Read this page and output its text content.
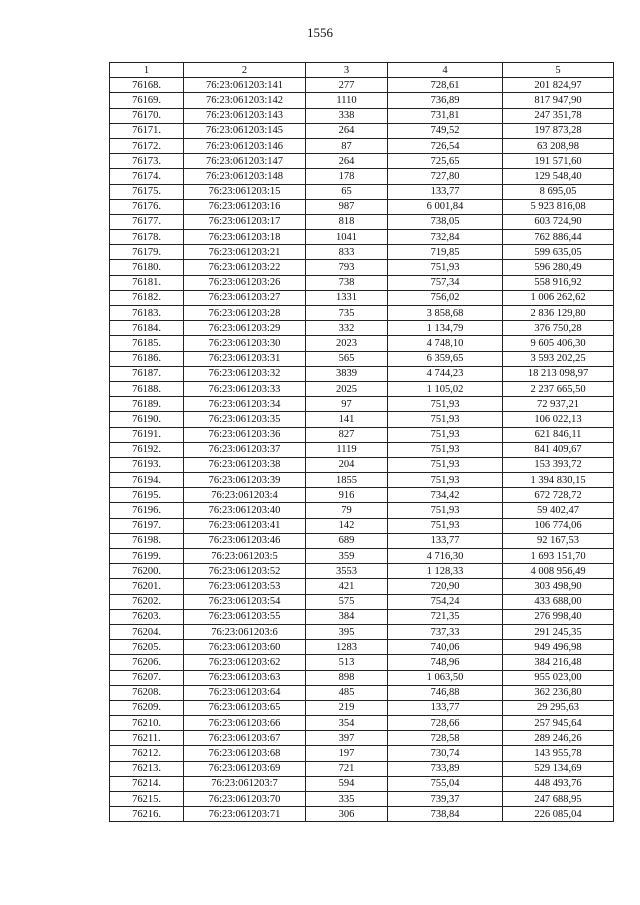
1556
1	2	3	4	5
76168.	76:23:061203:141	277	728,61	201 824,97
76169.	76:23:061203:142	1110	736,89	817 947,90
76170.	76:23:061203:143	338	731,81	247 351,78
76171.	76:23:061203:145	264	749,52	197 873,28
76172.	76:23:061203:146	87	726,54	63 208,98
76173.	76:23:061203:147	264	725,65	191 571,60
76174.	76:23:061203:148	178	727,80	129 548,40
76175.	76:23:061203:15	65	133,77	8 695,05
76176.	76:23:061203:16	987	6 001,84	5 923 816,08
76177.	76:23:061203:17	818	738,05	603 724,90
76178.	76:23:061203:18	1041	732,84	762 886,44
76179.	76:23:061203:21	833	719,85	599 635,05
76180.	76:23:061203:22	793	751,93	596 280,49
76181.	76:23:061203:26	738	757,34	558 916,92
76182.	76:23:061203:27	1331	756,02	1 006 262,62
76183.	76:23:061203:28	735	3 858,68	2 836 129,80
76184.	76:23:061203:29	332	1 134,79	376 750,28
76185.	76:23:061203:30	2023	4 748,10	9 605 406,30
76186.	76:23:061203:31	565	6 359,65	3 593 202,25
76187.	76:23:061203:32	3839	4 744,23	18 213 098,97
76188.	76:23:061203:33	2025	1 105,02	2 237 665,50
76189.	76:23:061203:34	97	751,93	72 937,21
76190.	76:23:061203:35	141	751,93	106 022,13
76191.	76:23:061203:36	827	751,93	621 846,11
76192.	76:23:061203:37	1119	751,93	841 409,67
76193.	76:23:061203:38	204	751,93	153 393,72
76194.	76:23:061203:39	1855	751,93	1 394 830,15
76195.	76:23:061203:4	916	734,42	672 728,72
76196.	76:23:061203:40	79	751,93	59 402,47
76197.	76:23:061203:41	142	751,93	106 774,06
76198.	76:23:061203:46	689	133,77	92 167,53
76199.	76:23:061203:5	359	4 716,30	1 693 151,70
76200.	76:23:061203:52	3553	1 128,33	4 008 956,49
76201.	76:23:061203:53	421	720,90	303 498,90
76202.	76:23:061203:54	575	754,24	433 688,00
76203.	76:23:061203:55	384	721,35	276 998,40
76204.	76:23:061203:6	395	737,33	291 245,35
76205.	76:23:061203:60	1283	740,06	949 496,98
76206.	76:23:061203:62	513	748,96	384 216,48
76207.	76:23:061203:63	898	1 063,50	955 023,00
76208.	76:23:061203:64	485	746,88	362 236,80
76209.	76:23:061203:65	219	133,77	29 295,63
76210.	76:23:061203:66	354	728,66	257 945,64
76211.	76:23:061203:67	397	728,58	289 246,26
76212.	76:23:061203:68	197	730,74	143 955,78
76213.	76:23:061203:69	721	733,89	529 134,69
76214.	76:23:061203:7	594	755,04	448 493,76
76215.	76:23:061203:70	335	739,37	247 688,95
76216.	76:23:061203:71	306	738,84	226 085,04
